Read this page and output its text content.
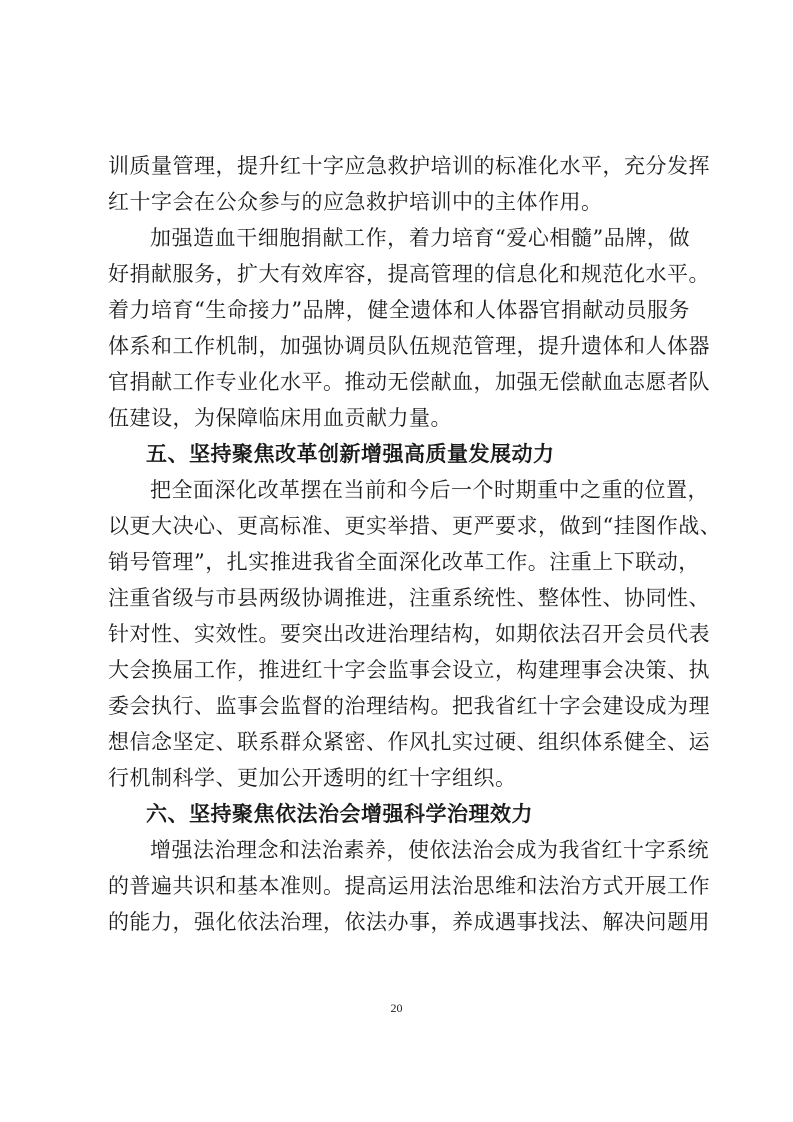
训质量管理，提升红十字应急救护培训的标准化水平，充分发挥
红十字会在公众参与的应急救护培训中的主体作用。
加强造血干细胞捐献工作，着力培育“爱心相髓”品牌，做
好捐献服务，扩大有效库容，提高管理的信息化和规范化水平。
着力培育“生命接力”品牌，健全遗体和人体器官捐献动员服务
体系和工作机制，加强协调员队伍规范管理，提升遗体和人体器
官捐献工作专业化水平。推动无偿献血，加强无偿献血志愿者队
伍建设，为保障临床用血贡献力量。
五、坚持聚焦改革创新增强高质量发展动力
把全面深化改革摆在当前和今后一个时期重中之重的位置，
以更大决心、更高标准、更实举措、更严要求，做到“挂图作战、
销号管理”，扎实推进我省全面深化改革工作。注重上下联动，
注重省级与市县两级协调推进，注重系统性、整体性、协同性、
针对性、实效性。要突出改进治理结构，如期依法召开会员代表
大会换届工作，推进红十字会监事会设立，构建理事会决策、执
委会执行、监事会监督的治理结构。把我省红十字会建设成为理
想信念坚定、联系群众紧密、作风扎实过硬、组织体系健全、运
行机制科学、更加公开透明的红十字组织。
六、坚持聚焦依法治会增强科学治理效力
增强法治理念和法治素养，使依法治会成为我省红十字系统
的普遍共识和基本准则。提高运用法治思维和法治方式开展工作
的能力，强化依法治理，依法办事，养成遇事找法、解决问题用
20
